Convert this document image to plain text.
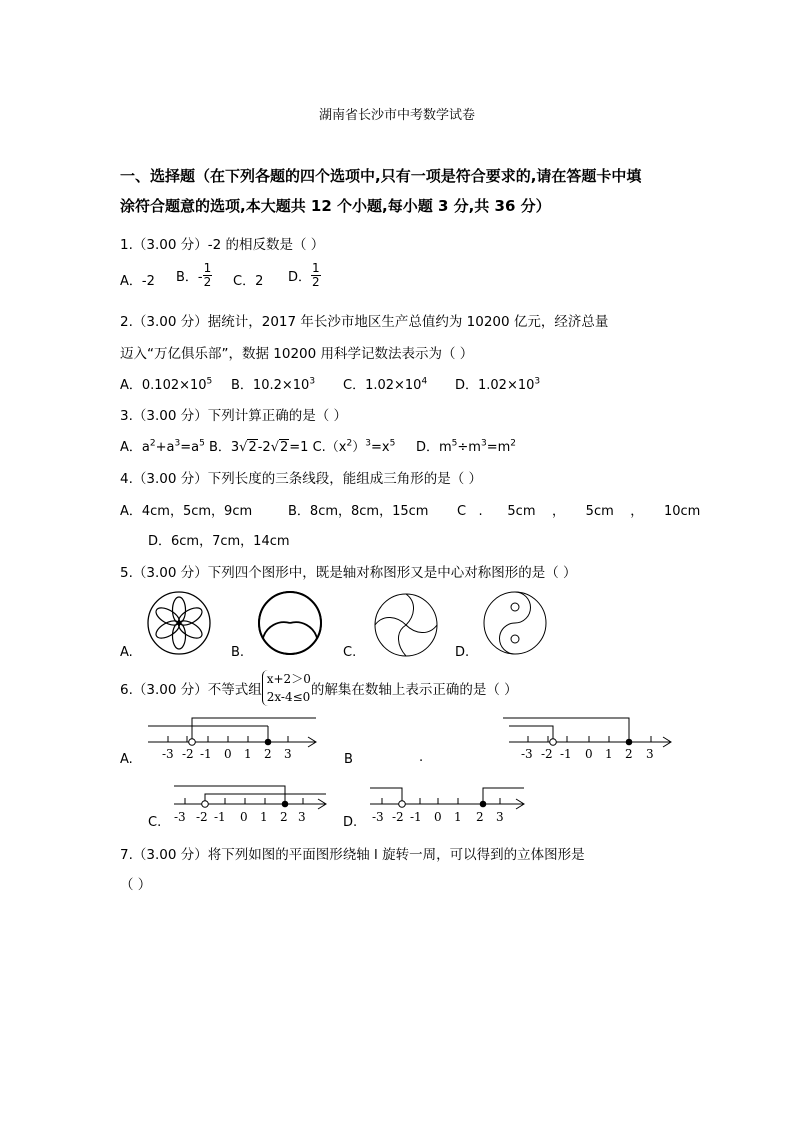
湖南省长沙市中考数学试卷
一、选择题（在下列各题的四个选项中,只有一项是符合要求的,请在答题卡中填
涂符合题意的选项,本大题共 12 个小题,每小题 3 分,共 36 分）
1.（3.00 分）-2 的相反数是（ ）
A．-2 B．- $\frac{1}{2}$ C．2 D． $\frac{1}{2}$
2.（3.00 分）据统计，2017 年长沙市地区生产总值约为 10200 亿元，经济总量
迈入“万亿俱乐部”，数据 10200 用科学记数法表示为（ ）
A．$0.102\times 10^5$ B．$10.2\times 10^3$ C．$1.02\times 10^4$ D．$1.02\times 10^3$
3.（3.00 分）下列计算正确的是（ ）
A．$a^2+a^3=a^5$ B．3√2-2√2=1 $C.(x^2)^3=x^5$ D．$m^5\div m^3=m^2$
4.（3.00 分）下列长度的三条线段，能组成三角形的是（ ）
A．4cm，5cm，9cm	B．8cm，8cm，15cm C   .      5cm    ，     5cm    ，     10cm
D．6cm，7cm，14cm
5.（3.00 分）下列四个图形中，既是轴对称图形又是中心对称图形的是（ ）
A.	B.	C.	D.
6.（3.00 分）不等式组
x+2＞0
2x-4≤0 的解集在数轴上表示正确的是（ ）
A.	B	.
C.	D.
-3 -2 -1 0 1 2 3	-3 -2 -1 0 1 2 3
-3 -2 -1 0 1 2 3	-3 -2 -1 0 1 2 3
7.（3.00 分）将下列如图的平面图形绕轴 l 旋转一周，可以得到的立体图形是
（ ）
